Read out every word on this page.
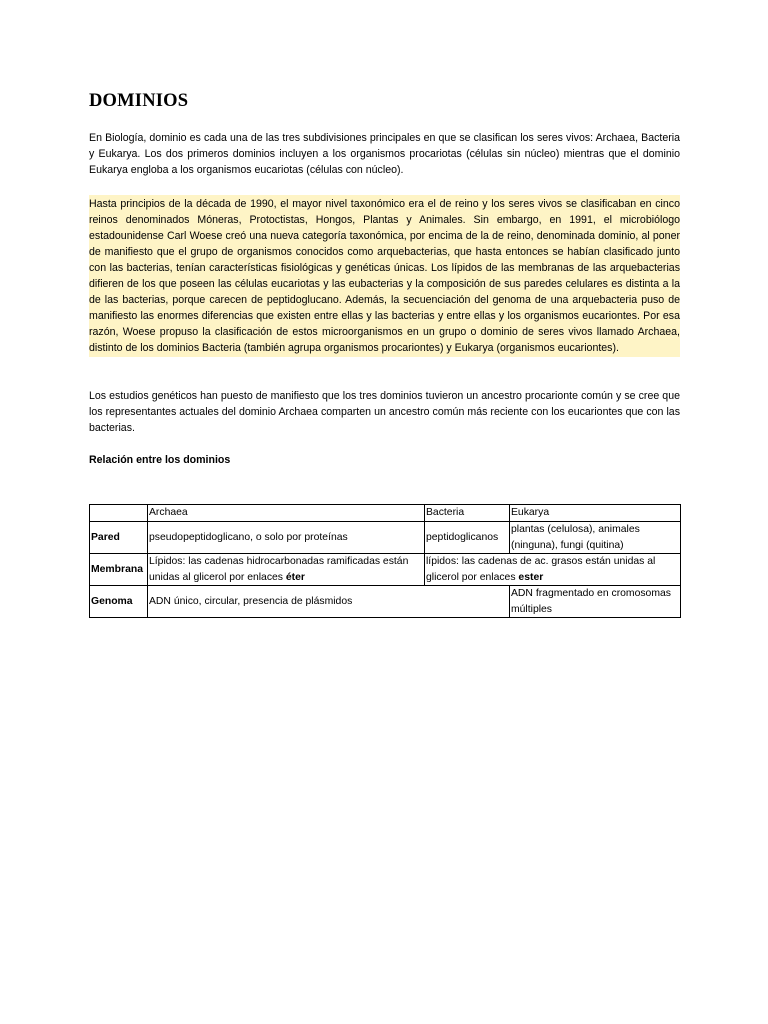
DOMINIOS

En Biología, dominio es cada una de las tres subdivisiones principales en que se clasifican los seres vivos: Archaea, Bacteria y Eukarya. Los dos primeros dominios incluyen a los organismos procariotas (células sin núcleo) mientras que el dominio Eukarya engloba a los organismos eucariotas (células con núcleo).

Hasta principios de la década de 1990, el mayor nivel taxonómico era el de reino y los seres vivos se clasificaban en cinco reinos denominados Móneras, Protoctistas, Hongos, Plantas y Animales. Sin embargo, en 1991, el microbiólogo estadounidense Carl Woese creó una nueva categoría taxonómica, por encima de la de reino, denominada dominio, al poner de manifiesto que el grupo de organismos conocidos como arquebacterias, que hasta entonces se habían clasificado junto con las bacterias, tenían características fisiológicas y genéticas únicas. Los lípidos de las membranas de las arquebacterias difieren de los que poseen las células eucariotas y las eubacterias y la composición de sus paredes celulares es distinta a la de las bacterias, porque carecen de peptidoglucano. Además, la secuenciación del genoma de una arquebacteria puso de manifiesto las enormes diferencias que existen entre ellas y las bacterias y entre ellas y los organismos eucariontes. Por esa razón, Woese propuso la clasificación de estos microorganismos en un grupo o dominio de seres vivos llamado Archaea, distinto de los dominios Bacteria (también agrupa organismos procariontes) y Eukarya (organismos eucariontes).

Los estudios genéticos han puesto de manifiesto que los tres dominios tuvieron un ancestro procarionte común y se cree que los representantes actuales del dominio Archaea comparten un ancestro común más reciente con los eucariontes que con las bacterias.

Relación entre los dominios

	Archaea	Bacteria	Eukarya
Pared	pseudopeptidoglicano, o solo por proteínas	peptidoglicanos	plantas (celulosa), animales (ninguna), fungi (quitina)
Membrana	Lípidos: las cadenas hidrocarbonadas ramificadas están unidas al glicerol por enlaces éter	lípidos: las cadenas de ac. grasos están unidas al glicerol por enlaces ester	
Genoma	ADN único, circular, presencia de plásmidos		ADN fragmentado en cromosomas múltiples
